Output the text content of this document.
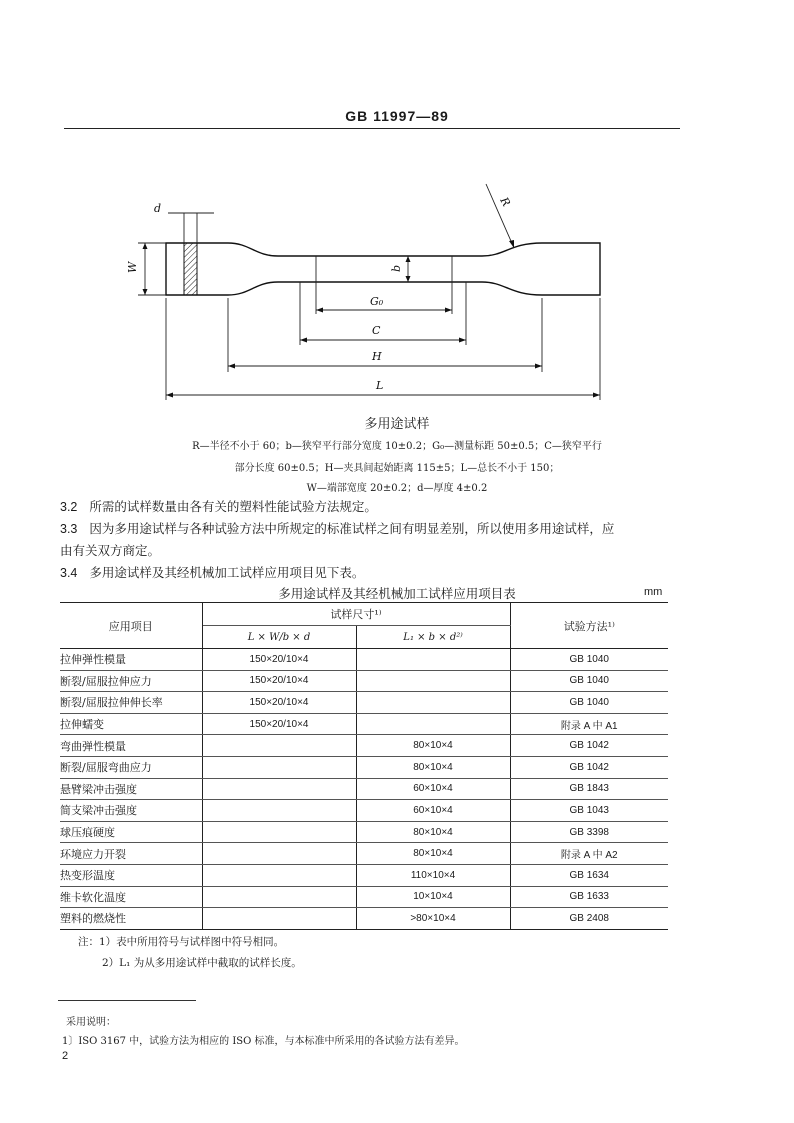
GB 11997—89
d
W	b
G₀
C
H
L
R
多用途试样
R—半径不小于 60；b—狭窄平行部分宽度 10±0.2；G₀—测量标距 50±0.5；C—狭窄平行
部分长度 60±0.5；H—夹具间起始距离 115±5；L—总长不小于 150；
W—端部宽度 20±0.2；d—厚度 4±0.2
3.2 所需的试样数量由各有关的塑料性能试验方法规定。
3.3 因为多用途试样与各种试验方法中所规定的标准试样之间有明显差别，所以使用多用途试样，应
由有关双方商定。
3.4 多用途试样及其经机械加工试样应用项目见下表。
多用途试样及其经机械加工试样应用项目表	mm
应用项目	试样尺寸¹⁾		试验方法¹⁾
	L × W/b × d	L₁ × b × d²⁾	
拉伸弹性模量	150×20/10×4		GB 1040
断裂/屈服拉伸应力	150×20/10×4		GB 1040
断裂/屈服拉伸伸长率	150×20/10×4		GB 1040
拉伸蠕变	150×20/10×4		附录 A 中 A1
弯曲弹性模量		80×10×4	GB 1042
断裂/屈服弯曲应力		80×10×4	GB 1042
悬臂梁冲击强度		60×10×4	GB 1843
简支梁冲击强度		60×10×4	GB 1043
球压痕硬度		80×10×4	GB 3398
环境应力开裂		80×10×4	附录 A 中 A2
热变形温度		110×10×4	GB 1634
维卡软化温度		10×10×4	GB 1633
塑料的燃烧性		>80×10×4	GB 2408
注：1）表中所用符号与试样图中符号相同。
2）L₁ 为从多用途试样中截取的试样长度。
采用说明：
1〕ISO 3167 中，试验方法为相应的 ISO 标准，与本标准中所采用的各试验方法有差异。
2
